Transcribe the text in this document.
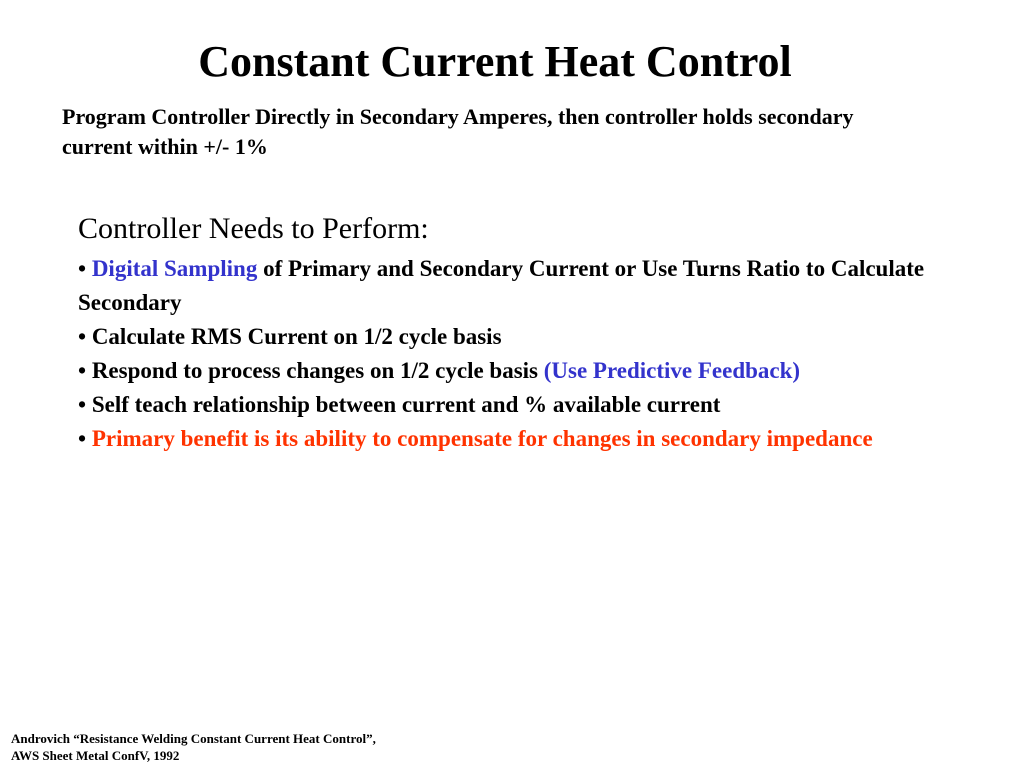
Constant Current Heat Control

Program Controller Directly in Secondary Amperes, then controller holds secondary current within +/- 1%

Controller Needs to Perform:

• Digital Sampling of Primary and Secondary Current or Use Turns Ratio to Calculate Secondary
• Calculate RMS Current on 1/2 cycle basis
• Respond to process changes on 1/2 cycle basis (Use Predictive Feedback)
• Self teach relationship between current and % available current
• Primary benefit is its ability to compensate for changes in secondary impedance

Androvich “Resistance Welding Constant Current Heat Control”,
AWS Sheet Metal ConfV, 1992
